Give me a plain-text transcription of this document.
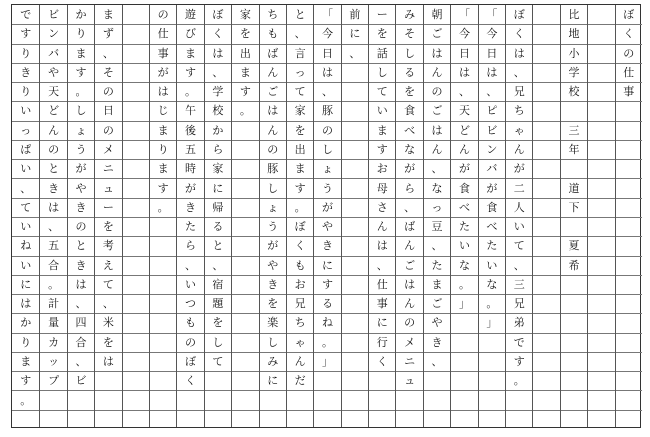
ぼ
く
の
仕
事
比
地
小
学
校

三
年

道
下

夏
希
ぼ
く
は
、
兄
ち
ゃ
ん
が
二
人
い
て
、
三
兄
弟
で
す
。
「
今
日
は
、
ピ
ビ
ン
バ
が
食
べ
た
い
な
。
」
「
今
日
は
、
天
ど
ん
が
食
べ
た
い
な
。
」
朝
ご
は
ん
の
ご
は
ん
、
な
っ
豆
、
た
ま
ご
や
き
、
み
そ
し
る
を
食
べ
な
が
ら
、
ば
ん
ご
は
ん
の
メ
ニ
ュ
ー
を
話
し
て
い
ま
す
お
母
さ
ん
は
、
仕
事
に
行
く
前
に
、
「
今
日
は
、
豚
の
し
ょ
う
が
や
き
に
す
る
ね
。
」
と
、
言
っ
て
家
を
出
ま
す
。
ぼ
く
も
お
兄
ち
ゃ
ん
だ
ち
も
ば
ん
ご
は
ん
の
豚
し
ょ
う
が
や
き
を
楽
し
み
に
家
を
出
ま
す
。
ぼ
く
は
、
学
校
か
ら
家
に
帰
る
と
、
宿
題
を
し
て
遊
び
ま
す
。
午
後
五
時
が
き
た
ら
、
い
つ
も
の
ぼ
く
の
仕
事
が
は
じ
ま
り
ま
す
。
ま
ず
、
そ
の
日
の
メ
ニ
ュ
ー
を
考
え
て
、
米
を
は
か
り
ま
す
。
し
ょ
う
が
や
き
の
と
き
は
、
四
合
、
ビ
ビ
ン
バ
や
天
ど
ん
の
と
き
は
、
五
合
。
計
量
カ
ッ
プ
で
す
り
き
り
い
っ
ぱ
い
、
て
い
ね
い
に
は
か
り
ま
す
。
